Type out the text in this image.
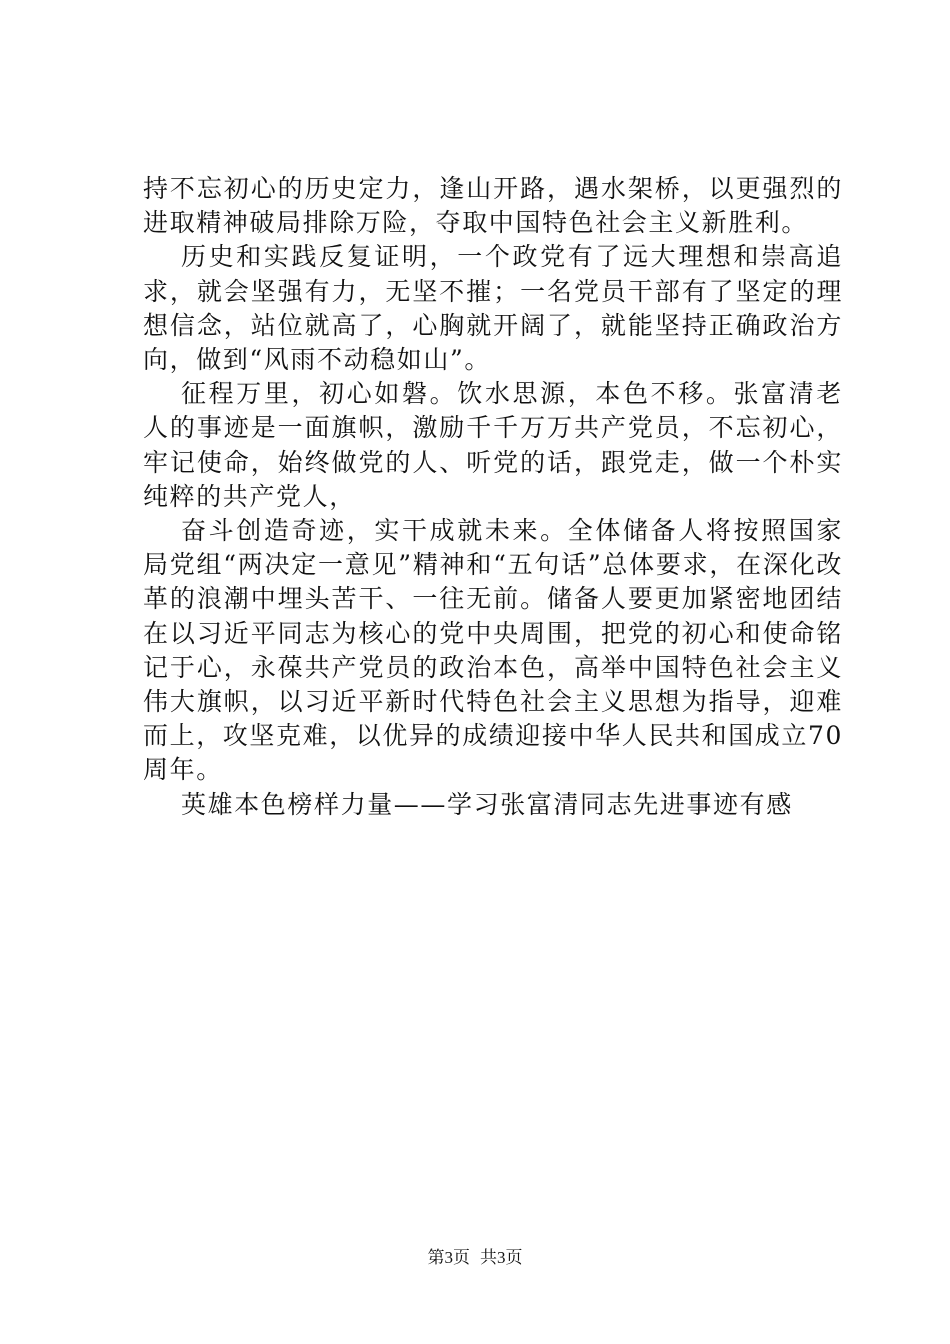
持不忘初心的历史定力，逢山开路，遇水架桥，以更强烈的进取精神破局排除万险，夺取中国特色社会主义新胜利。

历史和实践反复证明，一个政党有了远大理想和崇高追求，就会坚强有力，无坚不摧；一名党员干部有了坚定的理想信念，站位就高了，心胸就开阔了，就能坚持正确政治方向，做到“风雨不动稳如山”。

征程万里，初心如磐。饮水思源，本色不移。张富清老人的事迹是一面旗帜，激励千千万万共产党员，不忘初心，牢记使命，始终做党的人、听党的话，跟党走，做一个朴实纯粹的共产党人，

奋斗创造奇迹，实干成就未来。全体储备人将按照国家局党组“两决定一意见”精神和“五句话”总体要求，在深化改革的浪潮中埋头苦干、一往无前。储备人要更加紧密地团结在以习近平同志为核心的党中央周围，把党的初心和使命铭记于心，永葆共产党员的政治本色，高举中国特色社会主义伟大旗帜，以习近平新时代特色社会主义思想为指导，迎难而上，攻坚克难，以优异的成绩迎接中华人民共和国成立70周年。

英雄本色榜样力量——学习张富清同志先进事迹有感

第3页 共3页
